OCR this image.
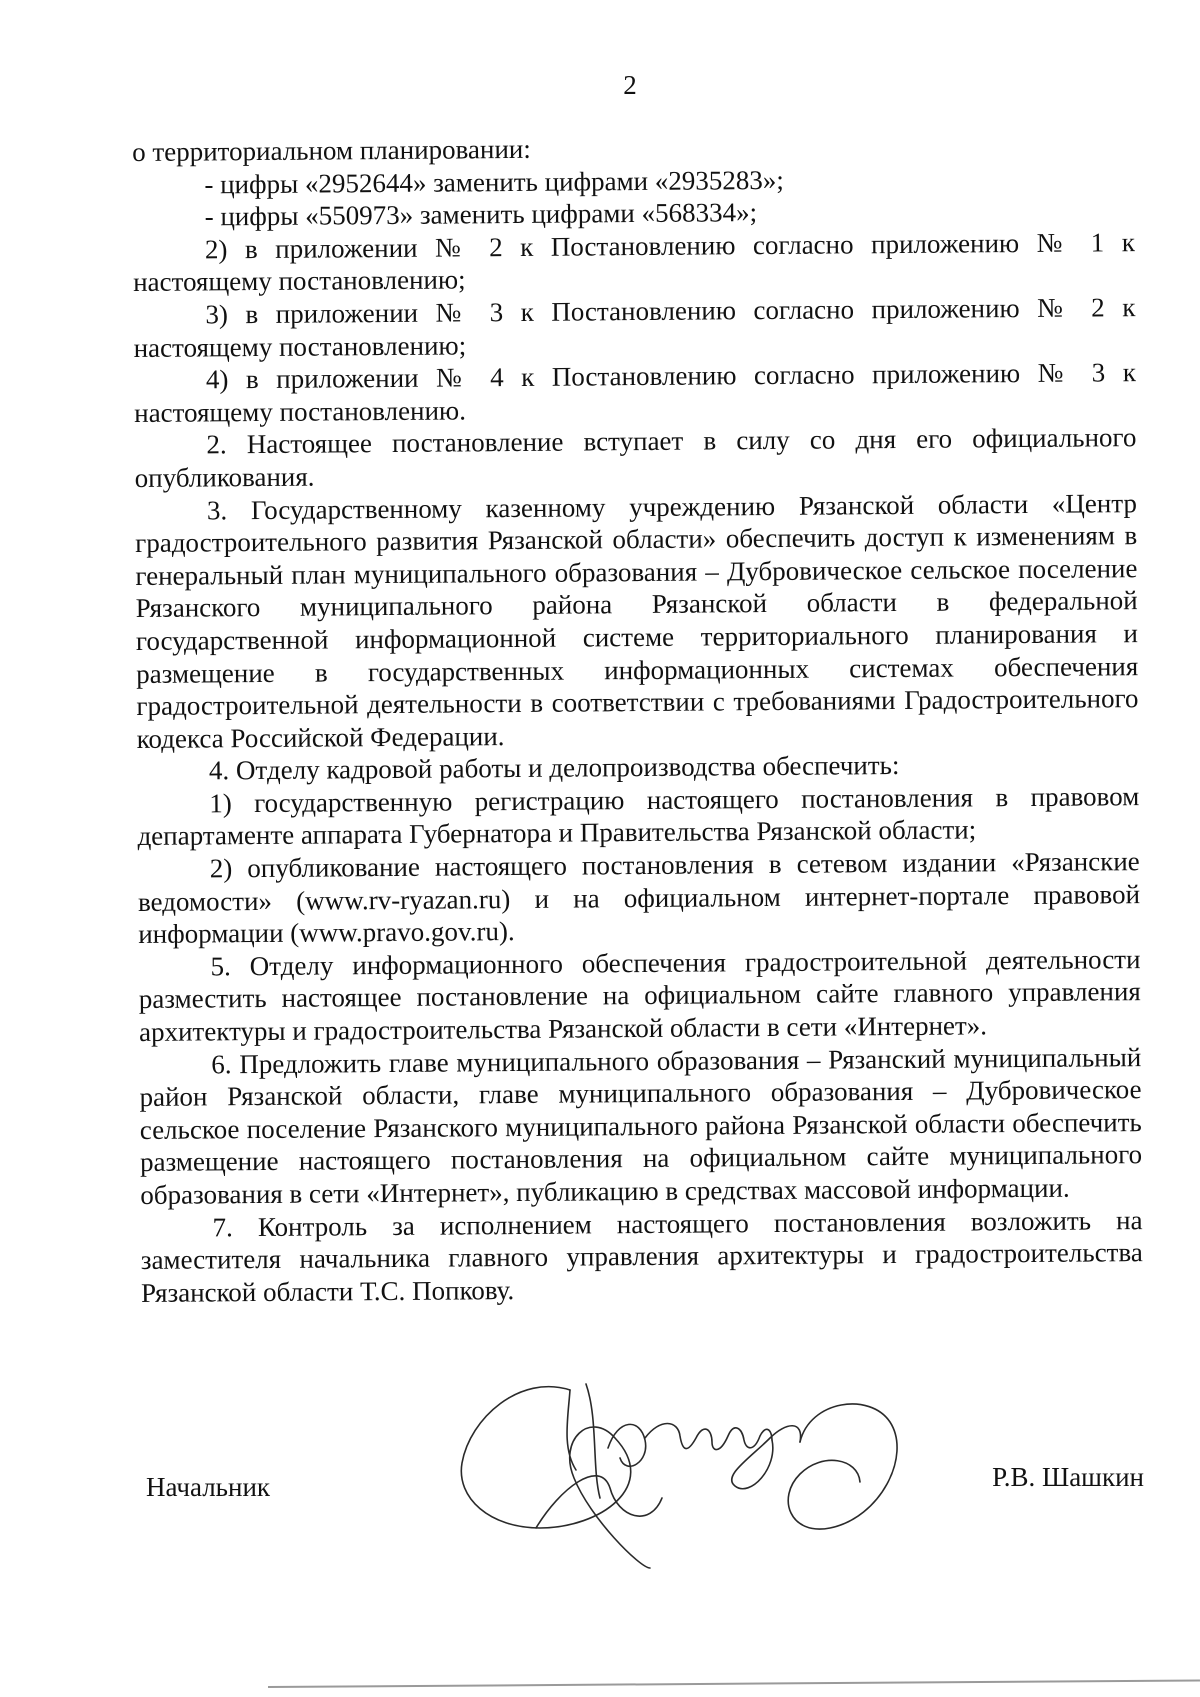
2

о территориальном планировании:

- цифры «2952644» заменить цифрами «2935283»;

- цифры «550973» заменить цифрами «568334»;

2) в приложении № 2 к Постановлению согласно приложению № 1 к настоящему постановлению;

3) в приложении № 3 к Постановлению согласно приложению № 2 к настоящему постановлению;

4) в приложении № 4 к Постановлению согласно приложению № 3 к настоящему постановлению.

2. Настоящее постановление вступает в силу со дня его официального опубликования.

3. Государственному казенному учреждению Рязанской области «Центр градостроительного развития Рязанской области» обеспечить доступ к изменениям в генеральный план муниципального образования – Дубровическое сельское поселение Рязанского муниципального района Рязанской области в федеральной государственной информационной системе территориального планирования и размещение в государственных информационных системах обеспечения градостроительной деятельности в соответствии с требованиями Градостроительного кодекса Российской Федерации.

4. Отделу кадровой работы и делопроизводства обеспечить:

1) государственную регистрацию настоящего постановления в правовом департаменте аппарата Губернатора и Правительства Рязанской области;

2) опубликование настоящего постановления в сетевом издании «Рязанские ведомости» (www.rv-ryazan.ru) и на официальном интернет-портале правовой информации (www.pravo.gov.ru).

5. Отделу информационного обеспечения градостроительной деятельности разместить настоящее постановление на официальном сайте главного управления архитектуры и градостроительства Рязанской области в сети «Интернет».

6. Предложить главе муниципального образования – Рязанский муниципальный район Рязанской области, главе муниципального образования – Дубровическое сельское поселение Рязанского муниципального района Рязанской области обеспечить размещение настоящего постановления на официальном сайте муниципального образования в сети «Интернет», публикацию в средствах массовой информации.

7. Контроль за исполнением настоящего постановления возложить на заместителя начальника главного управления архитектуры и градостроительства Рязанской области Т.С. Попкову.

Начальник	Р.В. Шашкин
